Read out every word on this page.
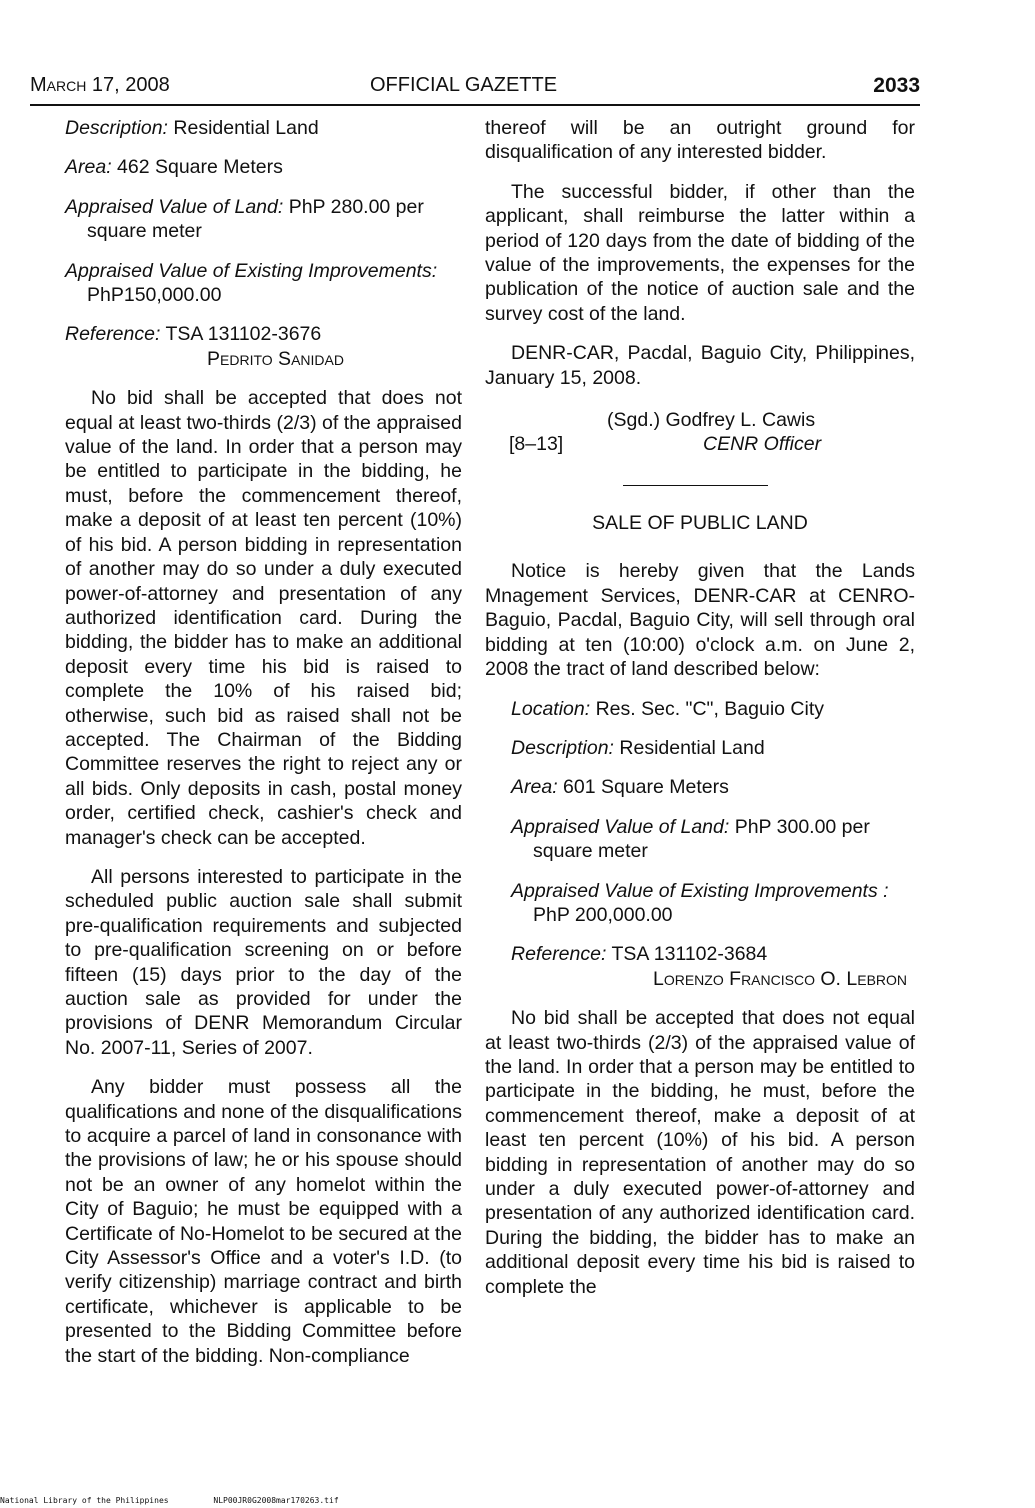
March 17, 2008	OFFICIAL GAZETTE	2033

Description: Residential Land

Area: 462 Square Meters

Appraised Value of Land: PhP 280.00 per square meter

Appraised Value of Existing Improvements: PhP150,000.00

Reference: TSA 131102-3676
Pedrito Sanidad

No bid shall be accepted that does not equal at least two-thirds (2/3) of the appraised value of the land. In order that a person may be entitled to participate in the bidding, he must, before the commencement thereof, make a deposit of at least ten percent (10%) of his bid. A person bidding in representation of another may do so under a duly executed power-of-attorney and presentation of any authorized identification card. During the bidding, the bidder has to make an additional deposit every time his bid is raised to complete the 10% of his raised bid; otherwise, such bid as raised shall not be accepted. The Chairman of the Bidding Committee reserves the right to reject any or all bids. Only deposits in cash, postal money order, certified check, cashier's check and manager's check can be accepted.

All persons interested to participate in the scheduled public auction sale shall submit pre-qualification requirements and subjected to pre-qualification screening on or before fifteen (15) days prior to the day of the auction sale as provided for under the provisions of DENR Memorandum Circular No. 2007-11, Series of 2007.

Any bidder must possess all the qualifications and none of the disqualifications to acquire a parcel of land in consonance with the provisions of law; he or his spouse should not be an owner of any homelot within the City of Baguio; he must be equipped with a Certificate of No-Homelot to be secured at the City Assessor's Office and a voter's I.D. (to verify citizenship) marriage contract and birth certificate, whichever is applicable to be presented to the Bidding Committee before the start of the bidding. Non-compliance

thereof will be an outright ground for disqualification of any interested bidder.

The successful bidder, if other than the applicant, shall reimburse the latter within a period of 120 days from the date of bidding of the value of the improvements, the expenses for the publication of the notice of auction sale and the survey cost of the land.

DENR-CAR, Pacdal, Baguio City, Philippines, January 15, 2008.

(Sgd.) Godfrey L. Cawis
[8–13]	CENR Officer

SALE OF PUBLIC LAND

Notice is hereby given that the Lands Mnagement Services, DENR-CAR at CENRO-Baguio, Pacdal, Baguio City, will sell through oral bidding at ten (10:00) o'clock a.m. on June 2, 2008 the tract of land described below:

Location: Res. Sec. "C", Baguio City

Description: Residential Land

Area: 601 Square Meters

Appraised Value of Land: PhP 300.00 per square meter

Appraised Value of Existing Improvements : PhP 200,000.00

Reference: TSA 131102-3684
Lorenzo Francisco O. Lebron

No bid shall be accepted that does not equal at least two-thirds (2/3) of the appraised value of the land. In order that a person may be entitled to participate in the bidding, he must, before the commencement thereof, make a deposit of at least ten percent (10%) of his bid. A person bidding in representation of another may do so under a duly executed power-of-attorney and presentation of any authorized identification card. During the bidding, the bidder has to make an additional deposit every time his bid is raised to complete the

National Library of the Philippines	NLP00JR0G2008mar170263.tif
